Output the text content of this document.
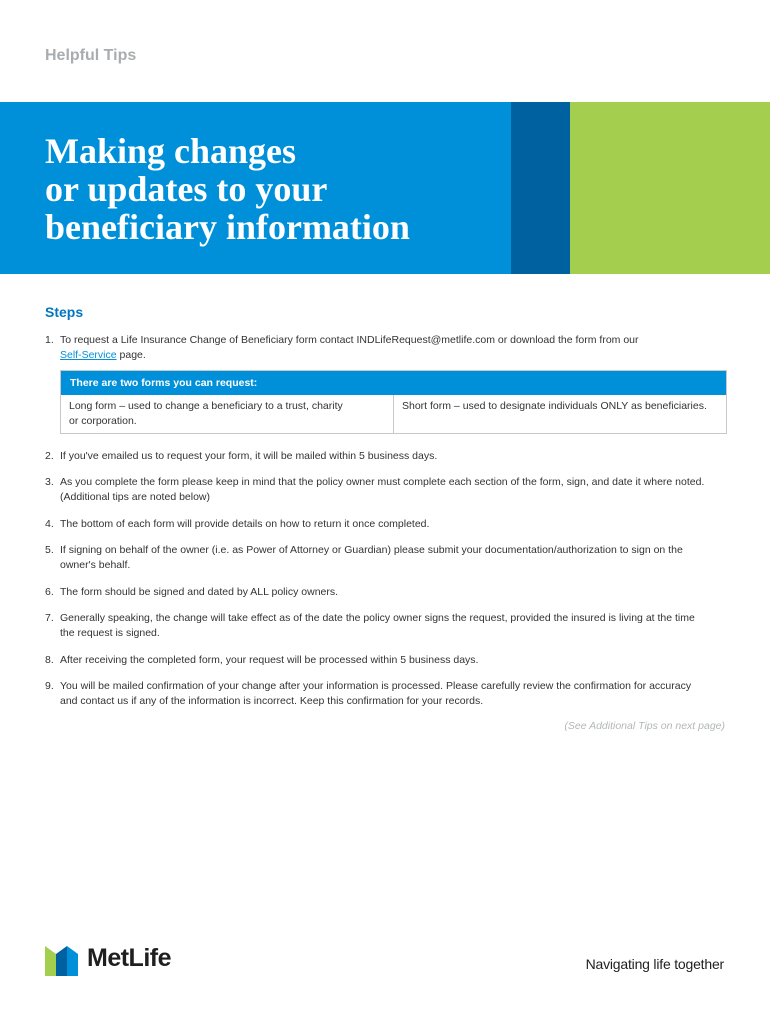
Helpful Tips
Making changes
or updates to your
beneficiary information
Steps
1. To request a Life Insurance Change of Beneficiary form contact INDLifeRequest@metlife.com or download the form from our
Self-Service page.
There are two forms you can request:
Long form – used to change a beneficiary to a trust, charity
or corporation.
Short form – used to designate individuals ONLY as beneficiaries.
2. If you've emailed us to request your form, it will be mailed within 5 business days.
3. As you complete the form please keep in mind that the policy owner must complete each section of the form, sign, and date it where noted.
(Additional tips are noted below)
4. The bottom of each form will provide details on how to return it once completed.
5. If signing on behalf of the owner (i.e. as Power of Attorney or Guardian) please submit your documentation/authorization to sign on the
owner's behalf.
6. The form should be signed and dated by ALL policy owners.
7. Generally speaking, the change will take effect as of the date the policy owner signs the request, provided the insured is living at the time
the request is signed.
8. After receiving the completed form, your request will be processed within 5 business days.
9. You will be mailed confirmation of your change after your information is processed. Please carefully review the confirmation for accuracy
and contact us if any of the information is incorrect. Keep this confirmation for your records.
(See Additional Tips on next page)
MetLife	Navigating life together
